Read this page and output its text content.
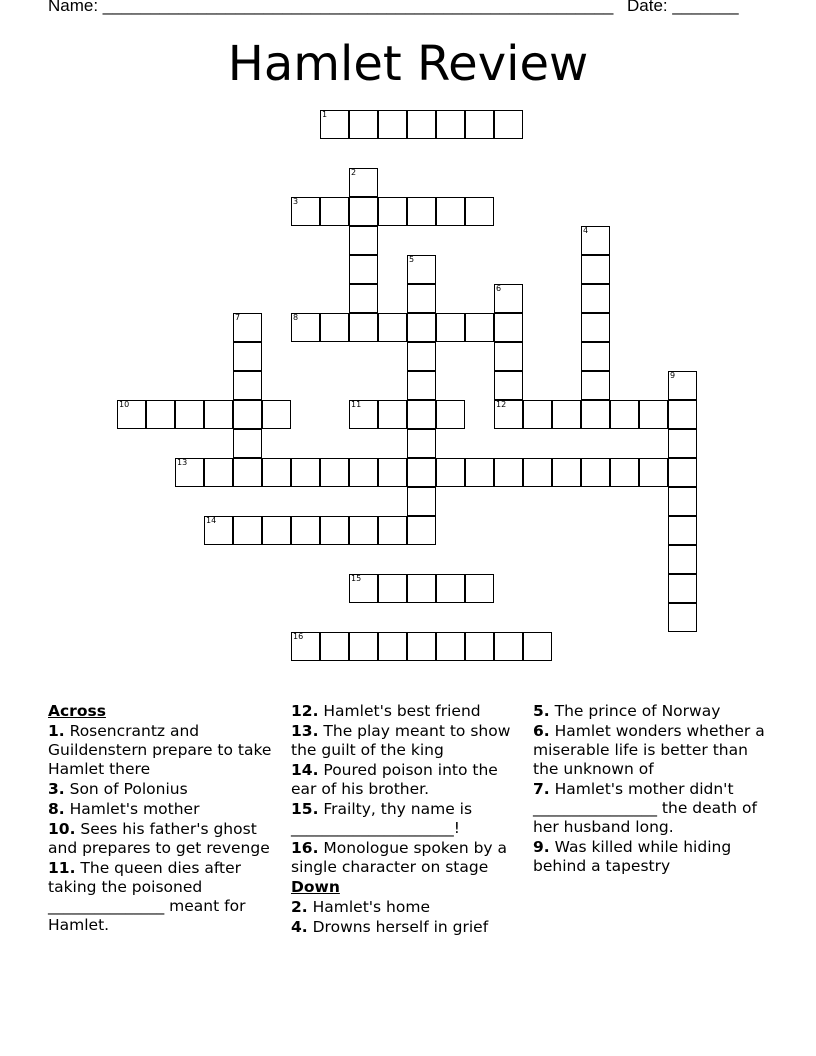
Name: ______________________________________________________ Date: _______
Hamlet Review
1
2
3
4
5
6
7	8
9
10	11	12
13
14
15
16
Across
1. Rosencrantz and Guildenstern prepare to take Hamlet there
3. Son of Polonius
8. Hamlet's mother
10. Sees his father's ghost and prepares to get revenge
11. The queen dies after taking the poisoned _______________ meant for Hamlet.
12. Hamlet's best friend
13. The play meant to show the guilt of the king
14. Poured poison into the ear of his brother.
15. Frailty, thy name is _____________________!
16. Monologue spoken by a single character on stage
Down
2. Hamlet's home
4. Drowns herself in grief
5. The prince of Norway
6. Hamlet wonders whether a miserable life is better than the unknown of
7. Hamlet's mother didn't ________________ the death of her husband long.
9. Was killed while hiding behind a tapestry
